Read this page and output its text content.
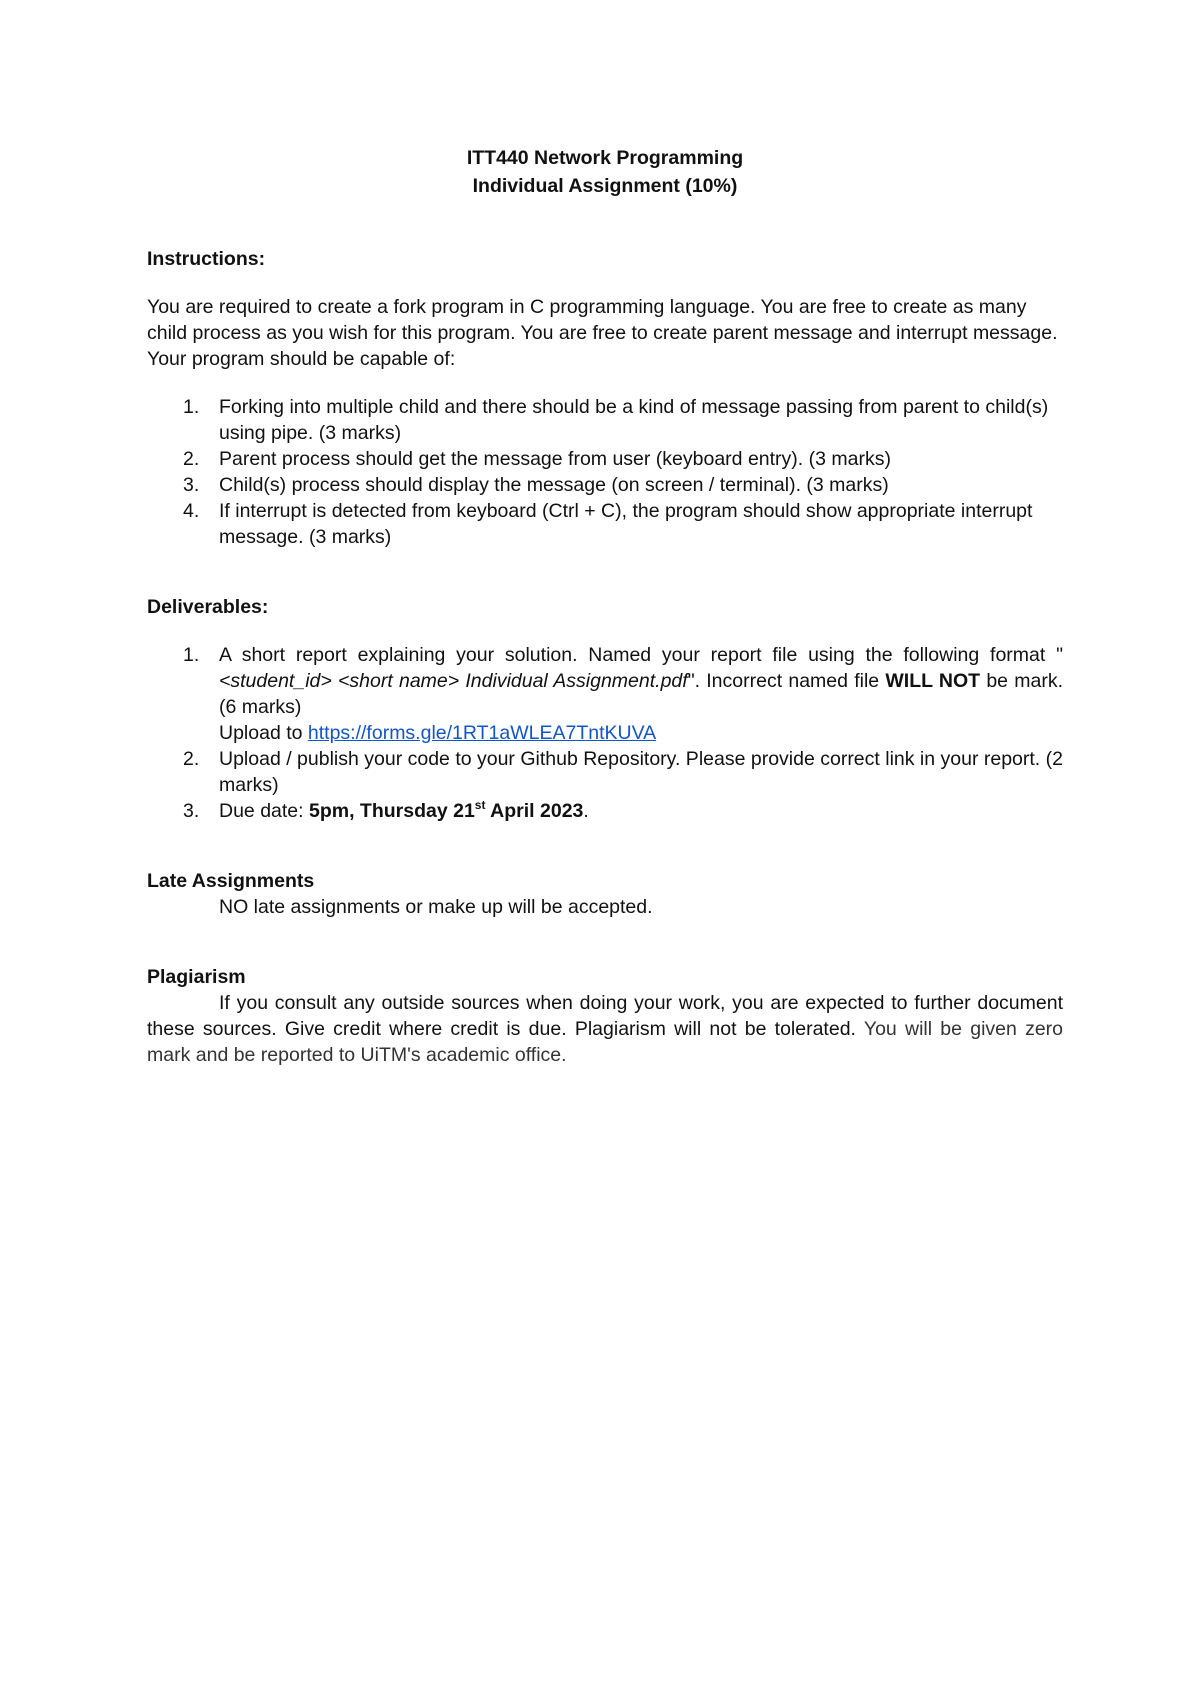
ITT440 Network Programming
Individual Assignment (10%)
Instructions:
You are required to create a fork program in C programming language. You are free to create as many child process as you wish for this program. You are free to create parent message and interrupt message. Your program should be capable of:
1. Forking into multiple child and there should be a kind of message passing from parent to child(s) using pipe. (3 marks)
2. Parent process should get the message from user (keyboard entry). (3 marks)
3. Child(s) process should display the message (on screen / terminal). (3 marks)
4. If interrupt is detected from keyboard (Ctrl + C), the program should show appropriate interrupt message. (3 marks)
Deliverables:
1. A short report explaining your solution. Named your report file using the following format "<student_id> <short name> Individual Assignment.pdf". Incorrect named file WILL NOT be mark. (6 marks)
Upload to https://forms.gle/1RT1aWLEA7TntKUVA
2. Upload / publish your code to your Github Repository. Please provide correct link in your report. (2 marks)
3. Due date: 5pm, Thursday 21st April 2023.
Late Assignments
NO late assignments or make up will be accepted.
Plagiarism
If you consult any outside sources when doing your work, you are expected to further document these sources. Give credit where credit is due. Plagiarism will not be tolerated. You will be given zero mark and be reported to UiTM's academic office.
